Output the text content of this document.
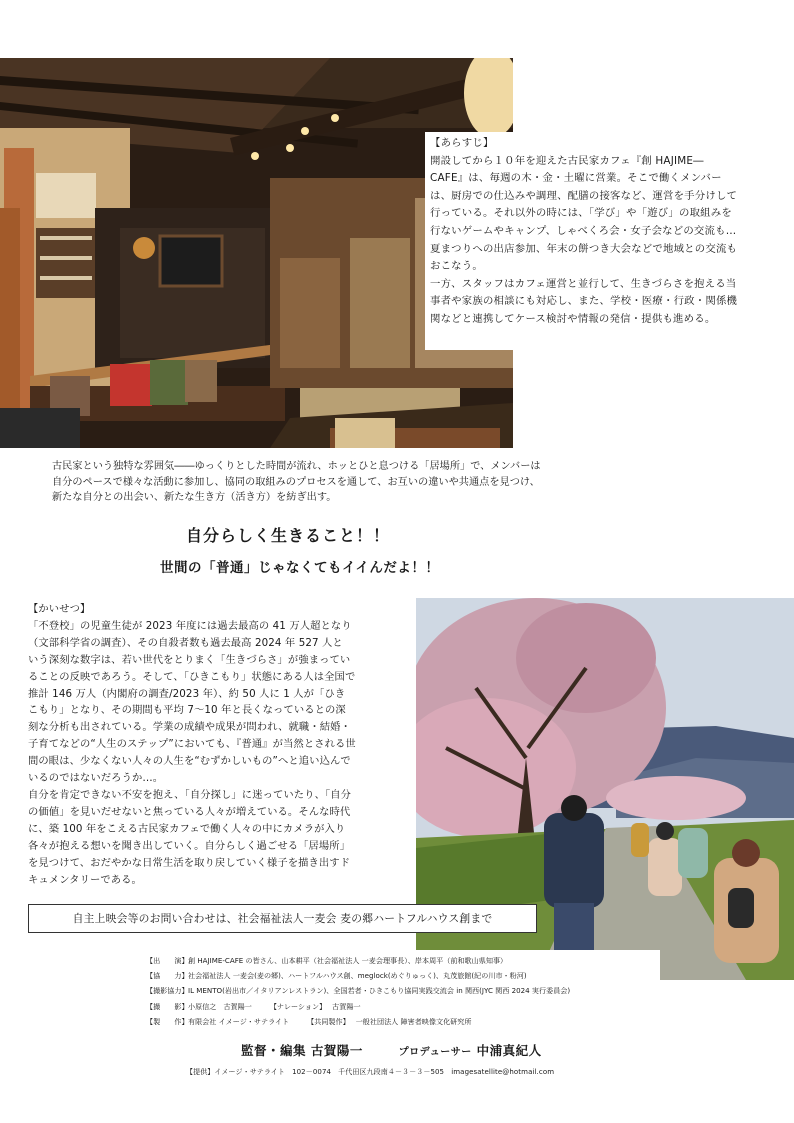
【あらすじ】

開設してから１０年を迎えた古民家カフェ『創 HAJIME―
CAFE』は、毎週の木・金・土曜に営業。そこで働くメンバー
は、厨房での仕込みや調理、配膳の接客など、運営を手分けして
行っている。それ以外の時には、「学び」や「遊び」の取組みを
行ないゲームやキャンプ、しゃべくろ会・女子会などの交流も…
夏まつりへの出店参加、年末の餅つき大会などで地域との交流も
おこなう。

一方、スタッフはカフェ運営と並行して、生きづらさを抱える当
事者や家族の相談にも対応し、また、学校・医療・行政・関係機
関などと連携してケース検討や情報の発信・提供も進める。

古民家という独特な雰囲気――ゆっくりとした時間が流れ、ホッとひと息つける「居場所」で、メンバーは
自分のペースで様々な活動に参加し、協同の取組みのプロセスを通して、お互いの違いや共通点を見つけ、
新たな自分との出会い、新たな生き方（活き方）を紡ぎ出す。
自分らしく生きること！！
世間の「普通」じゃなくてもイイんだよ！！

【かいせつ】

「不登校」の児童生徒が 2023 年度には過去最高の 41 万人超となり
（文部科学省の調査）、その自殺者数も過去最高 2024 年 527 人と
いう深刻な数字は、若い世代をとりまく「生きづらさ」が強まってい
ることの反映であろう。そして、「ひきこもり」状態にある人は全国で
推計 146 万人（内閣府の調査/2023 年）、約 50 人に 1 人が「ひき
こもり」となり、その期間も平均 7～10 年と長くなっているとの深
刻な分析も出されている。学業の成績や成果が問われ、就職・結婚・
子育てなどの“人生のステップ”においても、『普通』が当然とされる世
間の眼は、少なくない人々の人生を“むずかしいもの”へと追い込んで
いるのではないだろうか…。
自分を肯定できない不安を抱え、「自分探し」に迷っていたり、「自分
の価値」を見いだせないと焦っている人々が増えている。そんな時代
に、築 100 年をこえる古民家カフェで働く人々の中にカメラが入り
各々が抱える想いを聞き出していく。自分らしく過ごせる「居場所」
を見つけて、おだやかな日常生活を取り戻していく様子を描き出すド
キュメンタリーである。

自主上映会等のお問い合わせは、社会福祉法人一麦会 麦の郷ハートフルハウス創まで
【出　　演】 創 HAJIME-CAFE の皆さん、山本耕平（社会福祉法人 一麦会理事長）、岸本周平（前和歌山県知事）
【協　　力】 社会福祉法人 一麦会(麦の郷)、ハートフルハウス創、meglock(めぐりゅっく)、丸茂旅館(紀の川市・粉河)
【撮影協力】 IL MENTO(岩出市／イタリアンレストラン)、全国若者・ひきこもり協同実践交流会 in 関西(JYC 関西 2024 実行委員会)
【撮　　影】 小原信之　古賀陽一	【ナレーション】 古賀陽一
【製　　作】 有限会社 イメージ・サテライト	【共同製作】 一般社団法人 障害者映像文化研究所
監督・編集 古賀陽一	プロデューサー 中浦真紀人
【提供】イメージ・サテライト　102－0074　千代田区九段南４－３－３－505　imagesatellite@hotmail.com
